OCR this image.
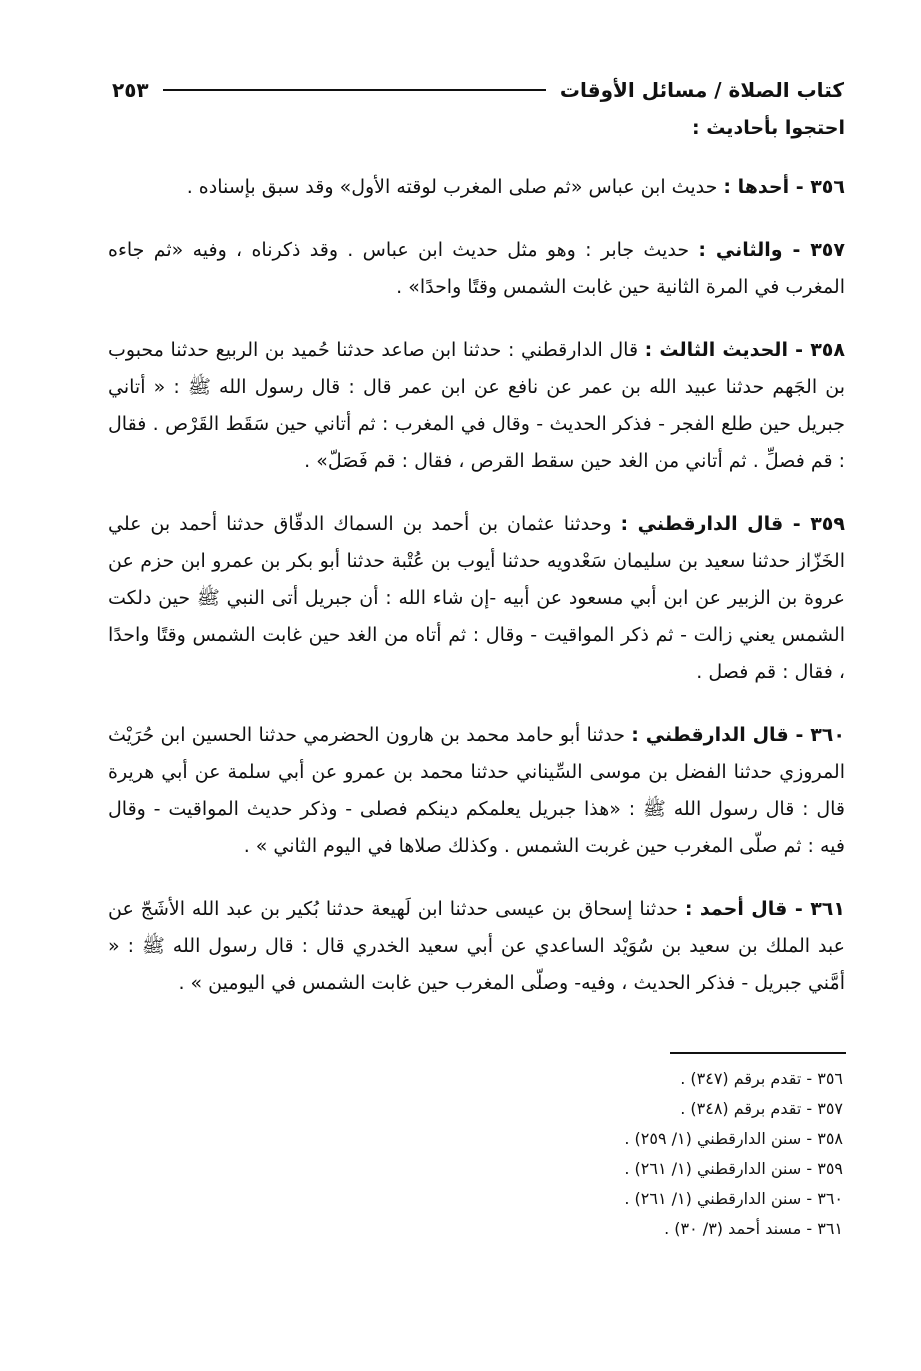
كتاب الصلاة / مسائل الأوقات
٢٥٣

احتجوا بأحاديث :

٣٥٦ - أحدها : حديث ابن عباس «ثم صلى المغرب لوقته الأول» وقد سبق بإسناده .

٣٥٧ - والثاني : حديث جابر : وهو مثل حديث ابن عباس . وقد ذكرناه ، وفيه «ثم جاءه المغرب في المرة الثانية حين غابت الشمس وقتًا واحدًا» .

٣٥٨ - الحديث الثالث : قال الدارقطني : حدثنا ابن صاعد حدثنا حُميد بن الربيع حدثنا محبوب بن الجَهم حدثنا عبيد الله بن عمر عن نافع عن ابن عمر قال : قال رسول الله ﷺ : « أتاني جبريل حين طلع الفجر - فذكر الحديث - وقال في المغرب : ثم أتاني حين سَقَط القَرْص . فقال : قم فصلِّ . ثم أتاني من الغد حين سقط القرص ، فقال : قم فَصَلّ» .

٣٥٩ - قال الدارقطني : وحدثنا عثمان بن أحمد بن السماك الدقّاق حدثنا أحمد بن علي الخَزّاز حدثنا سعيد بن سليمان سَعْدويه حدثنا أيوب بن عُتْبة حدثنا أبو بكر بن عمرو ابن حزم عن عروة بن الزبير عن ابن أبي مسعود عن أبيه -إن شاء الله : أن جبريل أتى النبي ﷺ حين دلكت الشمس يعني زالت - ثم ذكر المواقيت - وقال : ثم أتاه من الغد حين غابت الشمس وقتًا واحدًا ، فقال : قم فصل .

٣٦٠ - قال الدارقطني : حدثنا أبو حامد محمد بن هارون الحضرمي حدثنا الحسين ابن حُرَيْث المروزي حدثنا الفضل بن موسى السِّيناني حدثنا محمد بن عمرو عن أبي سلمة عن أبي هريرة قال : قال رسول الله ﷺ : «هذا جبريل يعلمكم دينكم فصلى - وذكر حديث المواقيت - وقال فيه : ثم صلّى المغرب حين غربت الشمس . وكذلك صلاها في اليوم الثاني » .

٣٦١ - قال أحمد : حدثنا إسحاق بن عيسى حدثنا ابن لَهيعة حدثنا بُكير بن عبد الله الأشَجّ عن عبد الملك بن سعيد بن سُوَيْد الساعدي عن أبي سعيد الخدري قال : قال رسول الله ﷺ : « أمَّني جبريل - فذكر الحديث ، وفيه- وصلّى المغرب حين غابت الشمس في اليومين » .

٣٥٦ - تقدم برقم (٣٤٧) .
٣٥٧ - تقدم برقم (٣٤٨) .
٣٥٨ - سنن الدارقطني (١/ ٢٥٩) .
٣٥٩ - سنن الدارقطني (١/ ٢٦١) .
٣٦٠ - سنن الدارقطني (١/ ٢٦١) .
٣٦١ - مسند أحمد (٣/ ٣٠) .
